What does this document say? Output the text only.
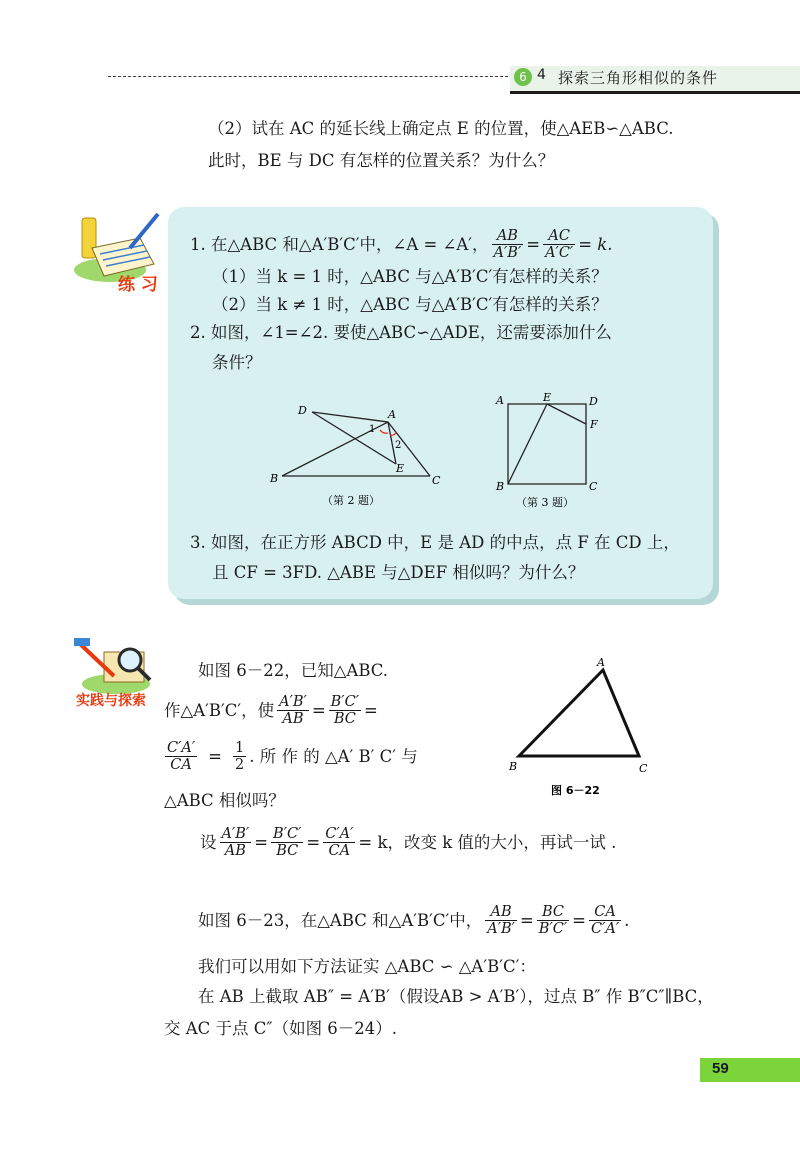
6 4 探索三角形相似的条件
（2）试在 AC 的延长线上确定点 E 的位置，使△AEB∽△ABC.
此时，BE 与 DC 有怎样的位置关系？为什么？
练 习
1. 在△ABC 和△A′B′C′中，∠A = ∠A′， $\frac{AB}{A'B'} = \frac{AC}{A'C'} = k$.
（1）当 k = 1 时，△ABC 与△A′B′C′有怎样的关系？
（2）当 k ≠ 1 时，△ABC 与△A′B′C′有怎样的关系？
2. 如图，∠1=∠2. 要使△ABC∽△ADE，还需要添加什么
条件？
D	A
1
2
E
B	C
（第 2 题）
A	E	D
F
B	C
（第 3 题）
3. 如图，在正方形 ABCD 中，E 是 AD 的中点，点 F 在 CD 上，
且 CF = 3FD. △ABE 与△DEF 相似吗？为什么？
实践与探索
如图 6－22，已知△ABC.
作△A′B′C′，使 $\frac{A'B'}{AB} = \frac{B'C'}{BC}$ =
$\frac{C'A'}{CA} = \frac{1}{2}$ . 所 作 的 △A′ B′ C′ 与
△ABC 相似吗？
A
B	C
图 6－22
设 $\frac{A'B'}{AB} = \frac{B'C'}{BC} = \frac{C'A'}{CA} = k$，改变 k 值的大小，再试一试 .
如图 6－23，在△ABC 和△A′B′C′中， $\frac{AB}{A'B'} = \frac{BC}{B'C'} = \frac{CA}{C'A'}$ .
我们可以用如下方法证实 △ABC ∽ △A′B′C′：
在 AB 上截取 AB″ = A′B′（假设AB > A′B′），过点 B″ 作 B″C″∥BC，
交 AC 于点 C″（如图 6－24）.
59
